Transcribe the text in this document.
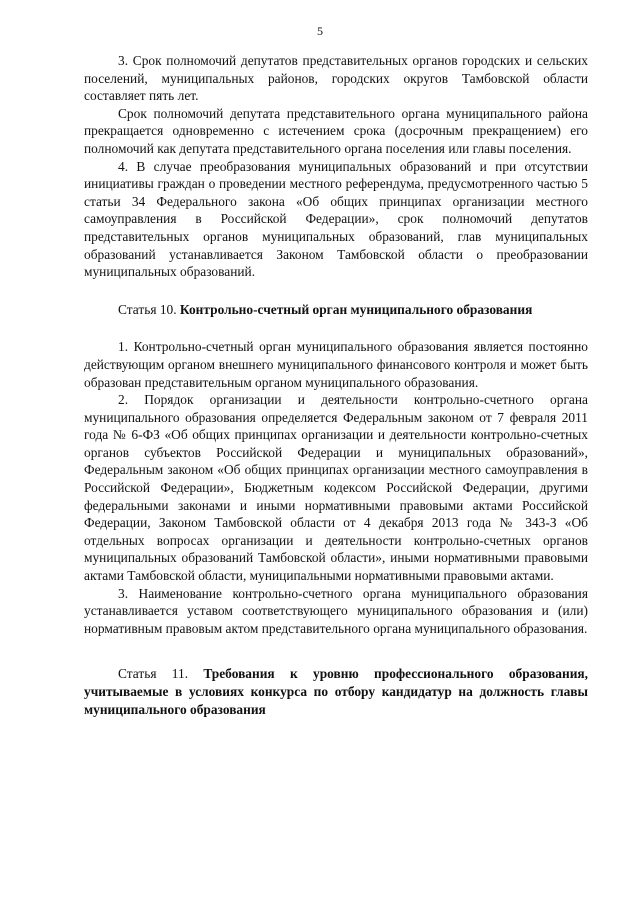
5

3. Срок полномочий депутатов представительных органов городских и сельских поселений, муниципальных районов, городских округов Тамбовской области составляет пять лет.

Срок полномочий депутата представительного органа муниципального района прекращается одновременно с истечением срока (досрочным прекращением) его полномочий как депутата представительного органа поселения или главы поселения.

4. В случае преобразования муниципальных образований и при отсутствии инициативы граждан о проведении местного референдума, предусмотренного частью 5 статьи 34 Федерального закона «Об общих принципах организации местного самоуправления в Российской Федерации», срок полномочий депутатов представительных органов муниципальных образований, глав муниципальных образований устанавливается Законом Тамбовской области о преобразовании муниципальных образований.

Статья 10. Контрольно-счетный орган муниципального образования

1. Контрольно-счетный орган муниципального образования является постоянно действующим органом внешнего муниципального финансового контроля и может быть образован представительным органом муниципального образования.

2. Порядок организации и деятельности контрольно-счетного органа муниципального образования определяется Федеральным законом от 7 февраля 2011 года № 6-ФЗ «Об общих принципах организации и деятельности контрольно-счетных органов субъектов Российской Федерации и муниципальных образований», Федеральным законом «Об общих принципах организации местного самоуправления в Российской Федерации», Бюджетным кодексом Российской Федерации, другими федеральными законами и иными нормативными правовыми актами Российской Федерации, Законом Тамбовской области от 4 декабря 2013 года № 343-З «Об отдельных вопросах организации и деятельности контрольно-счетных органов муниципальных образований Тамбовской области», иными нормативными правовыми актами Тамбовской области, муниципальными нормативными правовыми актами.

3. Наименование контрольно-счетного органа муниципального образования устанавливается уставом соответствующего муниципального образования и (или) нормативным правовым актом представительного органа муниципального образования.

Статья 11. Требования к уровню профессионального образования, учитываемые в условиях конкурса по отбору кандидатур на должность главы муниципального образования
